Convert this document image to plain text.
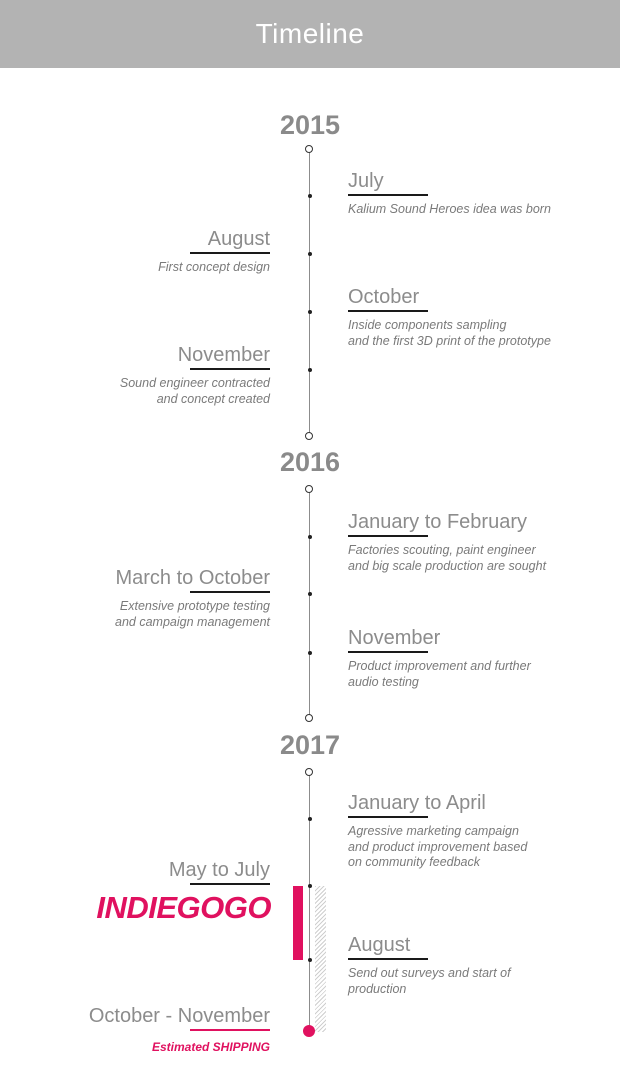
Timeline
2015
July
Kalium Sound Heroes idea was born
August
First concept design
October
Inside components sampling
and the first 3D print of the prototype
November
Sound engineer contracted
and concept created
2016
January to February
Factories scouting, paint engineer
and big scale production are sought
March to October
Extensive prototype testing
and campaign management
November
Product improvement and further
audio testing
2017
January to April
Agressive marketing campaign
and product improvement based
on community feedback
May to July
INDIEGOGO
August
Send out surveys and start of
production
October - November
Estimated SHIPPING
